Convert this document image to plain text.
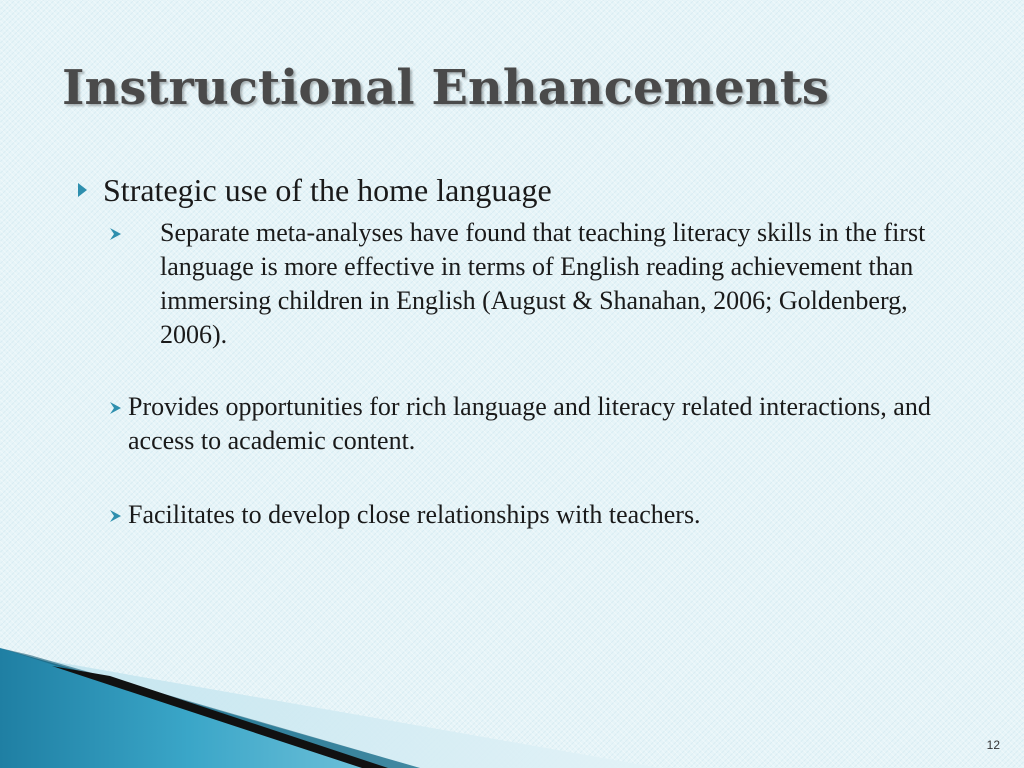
Instructional Enhancements
Strategic use of the home language
Separate meta-analyses have found that teaching literacy skills in the first language is more effective in terms of English reading achievement than immersing children in English (August & Shanahan, 2006; Goldenberg, 2006).
Provides opportunities for rich language and literacy related interactions, and access to academic content.
Facilitates to develop close relationships with teachers.
12
